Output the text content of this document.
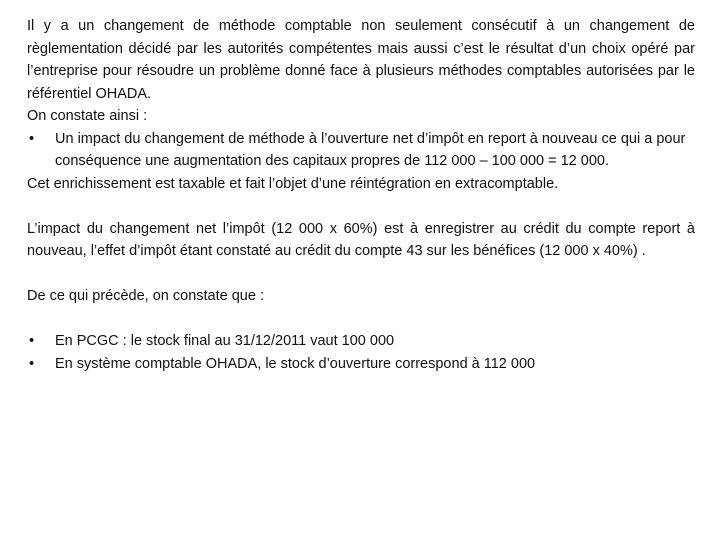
Il y a un changement de méthode comptable non seulement consécutif à un changement de règlementation décidé par les autorités compétentes mais aussi c’est le résultat d’un choix opéré par l’entreprise pour résoudre un problème donné face à plusieurs méthodes comptables autorisées par le référentiel OHADA.

On constate ainsi :

•	Un impact du changement de méthode à l’ouverture net d’impôt en report à nouveau ce qui a pour conséquence une augmentation des capitaux propres de 112 000 – 100 000 = 12 000.

Cet enrichissement est taxable et fait l’objet d’une réintégration en extracomptable.

L’impact du changement net l’impôt (12 000 x 60%) est à enregistrer au crédit du compte report à nouveau, l’effet d’impôt étant constaté au crédit du compte 43 sur les bénéfices (12 000 x 40%) .

De ce qui précède, on constate que :

•	En PCGC : le stock final au 31/12/2011 vaut 100 000
•	En système comptable OHADA, le stock d’ouverture correspond à 112 000
